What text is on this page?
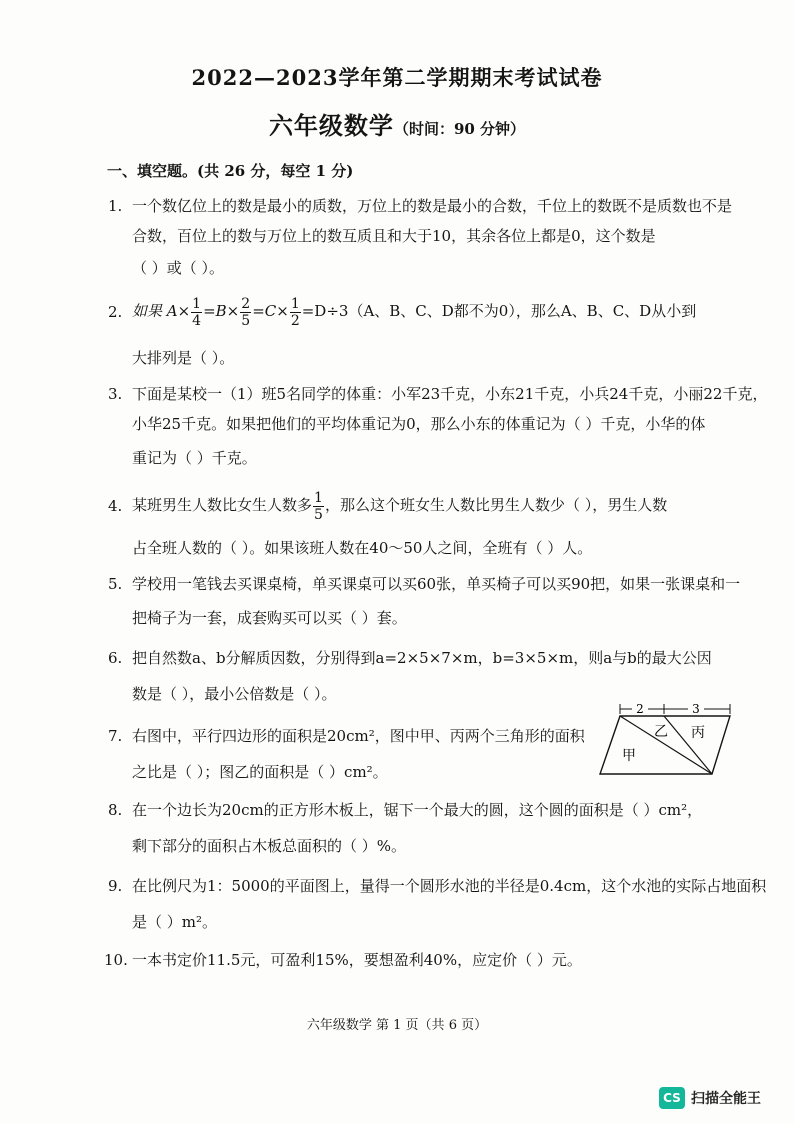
2022—2023学年第二学期期末考试试卷
六年级数学（时间：90 分钟）
一、填空题。(共 26 分，每空 1 分)
1. 一个数亿位上的数是最小的质数，万位上的数是最小的合数，千位上的数既不是质数也不是
合数，百位上的数与万位上的数互质且和大于10，其余各位上都是0，这个数是
（ ）或（ ）。
2. 如果 $A\times \frac{1}{4} =B\times \frac{2}{5} =C\times \frac{1}{2} =D\div 3(A$、B、C、D都不为0），那么A、B、C、D从小到
大排列是（ ）。
3. 下面是某校一（1）班5名同学的体重：小军23千克，小东21千克，小兵24千克，小丽22千克，
小华25千克。如果把他们的平均体重记为0，那么小东的体重记为（ ）千克，小华的体
重记为（ ）千克。
4. 某班男生人数比女生人数多 $\frac{1}{5}$ ，那么这个班女生人数比男生人数少（ ），男生人数
占全班人数的（ ）。如果该班人数在40～50人之间，全班有（ ）人。
5. 学校用一笔钱去买课桌椅，单买课桌可以买60张，单买椅子可以买90把，如果一张课桌和一
把椅子为一套，成套购买可以买（ ）套。
6. 把自然数a、b分解质因数，分别得到a=2×5×7×m，b=3×5×m，则a与b的最大公因
数是（ ），最小公倍数是（ ）。
7. 右图中，平行四边形的面积是20cm²，图中甲、丙两个三角形的面积
之比是（ ）；图乙的面积是（ ）cm²。
2	3
乙 丙
甲
8. 在一个边长为20cm的正方形木板上，锯下一个最大的圆，这个圆的面积是（ ）cm²，
剩下部分的面积占木板总面积的（ ）%。
9. 在比例尺为1：5000的平面图上，量得一个圆形水池的半径是0.4cm，这个水池的实际占地面积
是（ ）m²。
10. 一本书定价11.5元，可盈利15%，要想盈利40%，应定价（ ）元。
六年级数学 第 1 页（共 6 页）
CS 扫描全能王
